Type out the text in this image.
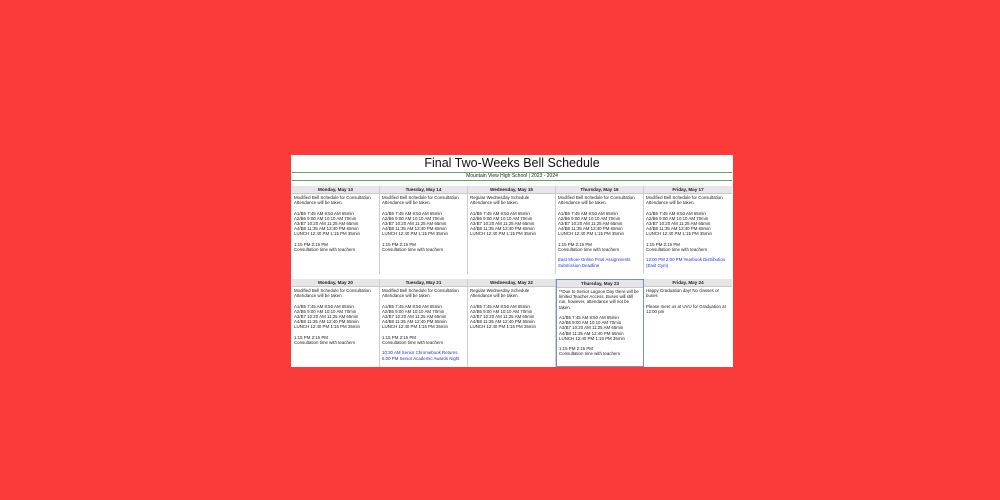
Final Two-Weeks Bell Schedule
Mountain View High School | 2023 - 2024
Monday, May 13
Modified Bell Schedule for Consultation
Attendance will be taken.
A1/B5 7:45 AM 8:50 AM 65min
A2/B6 9:00 AM 10:10 AM 70min
A3/B7 10:20 AM 11:25 AM 65min
A4/B8 11:35 AM 12:40 PM 65min
LUNCH 12:40 PM 1:15 PM 35min
1:15 PM 2:15 PM
Consultation time with teachers
Tuesday, May 14
Modified Bell Schedule for Consultation
Attendance will be taken.
A1/B5 7:45 AM 8:50 AM 65min
A2/B6 9:00 AM 10:10 AM 70min
A3/B7 10:20 AM 11:25 AM 65min
A4/B8 11:35 AM 12:40 PM 65min
LUNCH 12:40 PM 1:15 PM 35min
1:15 PM 2:15 PM
Consultation time with teachers
Wednesday, May 15
Regular Wednesday Schedule
Attendance will be taken.
A1/B5 7:45 AM 8:50 AM 65min
A2/B6 9:00 AM 10:10 AM 70min
A3/B7 10:20 AM 11:25 AM 65min
A4/B8 11:35 AM 12:40 PM 65min
LUNCH 12:40 PM 1:15 PM 35min
Thursday, May 16
Modified Bell Schedule for Consultation
Attendance will be taken.
A1/B5 7:45 AM 8:50 AM 65min
A2/B6 9:00 AM 10:10 AM 70min
A3/B7 10:20 AM 11:25 AM 65min
A4/B8 11:35 AM 12:40 PM 65min
LUNCH 12:40 PM 1:15 PM 35min
1:15 PM 2:15 PM
Consultation time with teachers
East Shore Online Final Assignments
Submission Deadline
Friday, May 17
Modified Bell Schedule for Consultation
Attendance will be taken.
A1/B5 7:45 AM 8:50 AM 65min
A2/B6 9:00 AM 10:10 AM 70min
A3/B7 10:20 AM 11:25 AM 65min
A4/B8 11:35 AM 12:40 PM 65min
LUNCH 12:40 PM 1:15 PM 35min
1:15 PM 2:15 PM
Consultation time with teachers
12:00 PM 2:00 PM Yearbook Distribution
(East Gym)
Monday, May 20
Modified Bell Schedule for Consultation
Attendance will be taken.
A1/B5 7:45 AM 8:50 AM 65min
A2/B6 9:00 AM 10:10 AM 70min
A3/B7 10:20 AM 11:25 AM 65min
A4/B8 11:35 AM 12:40 PM 65min
LUNCH 12:40 PM 1:15 PM 35min
1:15 PM 2:15 PM
Consultation time with teachers
Tuesday, May 21
Modified Bell Schedule for Consultation
Attendance will be taken.
A1/B5 7:45 AM 8:50 AM 65min
A2/B6 9:00 AM 10:10 AM 70min
A3/B7 10:20 AM 11:25 AM 65min
A4/B8 11:35 AM 12:40 PM 65min
LUNCH 12:40 PM 1:15 PM 35min
1:15 PM 2:15 PM
Consultation time with teachers
10:30 AM Senior Chromebook Returns
6:00 PM Senior Academic Awards Night
Wednesday, May 22
Regular Wednesday Schedule
Attendance will be taken.
A1/B5 7:45 AM 8:50 AM 65min
A2/B6 9:00 AM 10:10 AM 70min
A3/B7 10:20 AM 11:25 AM 65min
A4/B8 11:35 AM 12:40 PM 65min
LUNCH 12:40 PM 1:15 PM 35min
Thursday, May 23
**Due to Senior Lagoon Day there will be
limited Teacher Access. Buses will still
run, however, attendance will not be
taken.
A1/B5 7:45 AM 8:50 AM 65min
A2/B6 9:00 AM 10:10 AM 70min
A3/B7 10:20 AM 11:25 AM 65min
A4/B8 11:35 AM 12:40 PM 65min
LUNCH 12:40 PM 1:15 PM 35min
1:15 PM 2:15 PM
Consultation time with teachers
Friday, May 24
Happy Graduation day! No classes or
buses
Please meet us at UVU for Graduation at
12:00 pm
